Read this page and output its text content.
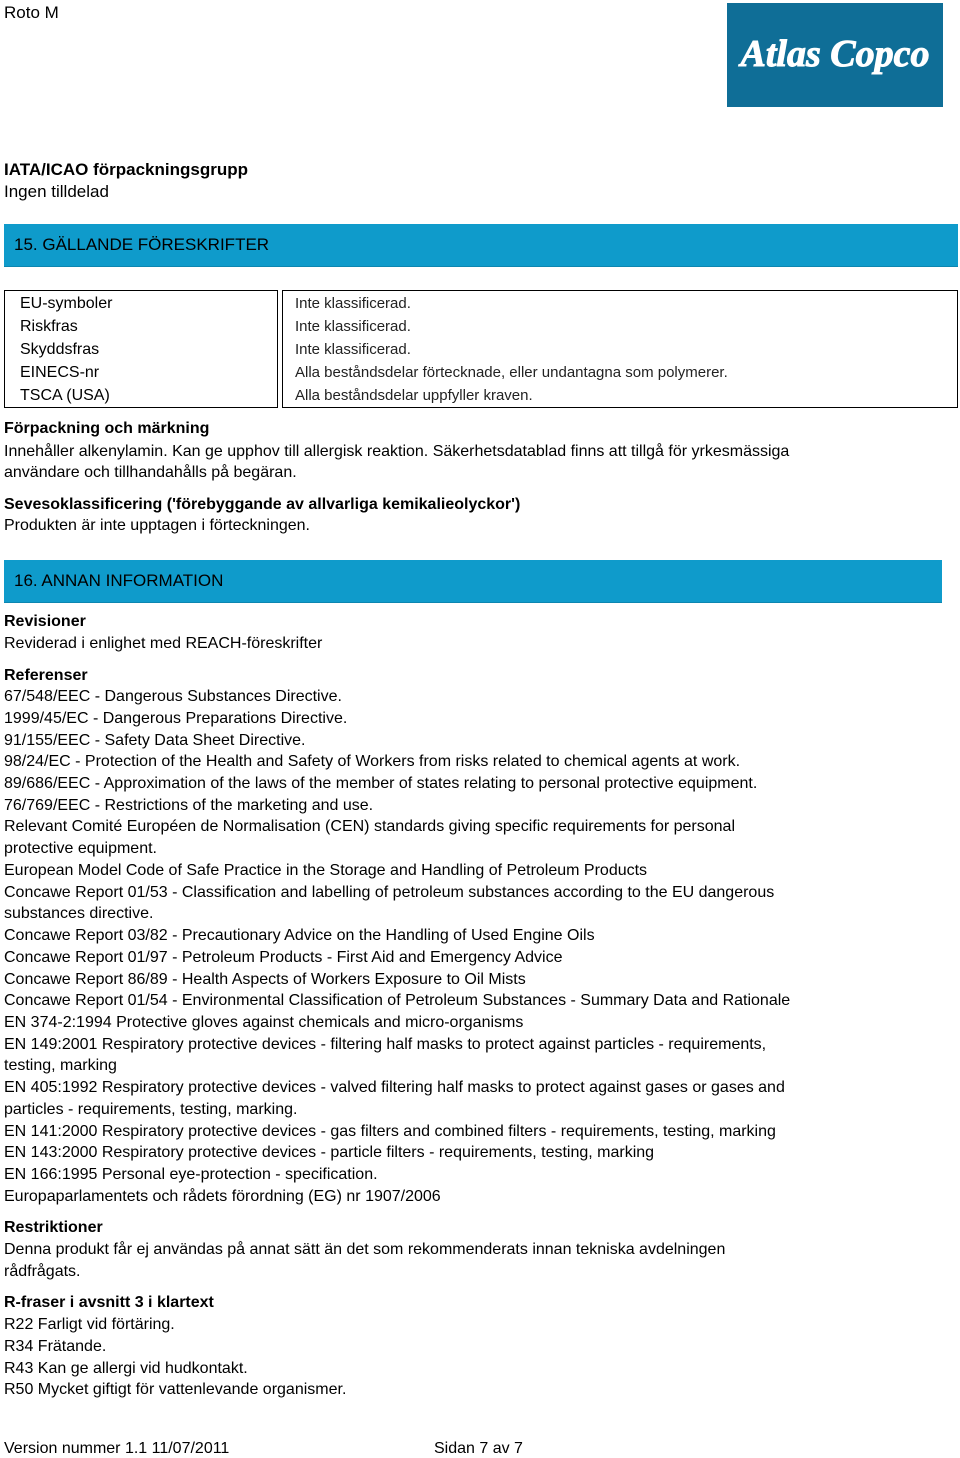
Roto M
Atlas Copco
IATA/ICAO förpackningsgrupp
Ingen tilldelad
15. GÄLLANDE FÖRESKRIFTER
EU-symboler
Riskfras
Skyddsfras
EINECS-nr
TSCA (USA)
Inte klassificerad.
Inte klassificerad.
Inte klassificerad.
Alla beståndsdelar förtecknade, eller undantagna som polymerer.
Alla beståndsdelar uppfyller kraven.
Förpackning och märkning
Innehåller alkenylamin. Kan ge upphov till allergisk reaktion. Säkerhetsdatablad finns att tillgå för yrkesmässiga
användare och tillhandahålls på begäran.
Sevesoklassificering ('förebyggande av allvarliga kemikalieolyckor')
Produkten är inte upptagen i förteckningen.
16. ANNAN INFORMATION
Revisioner
Reviderad i enlighet med REACH-föreskrifter
Referenser
67/548/EEC - Dangerous Substances Directive.
1999/45/EC - Dangerous Preparations Directive.
91/155/EEC - Safety Data Sheet Directive.
98/24/EC - Protection of the Health and Safety of Workers from risks related to chemical agents at work.
89/686/EEC - Approximation of the laws of the member of states relating to personal protective equipment.
76/769/EEC - Restrictions of the marketing and use.
Relevant Comité Européen de Normalisation (CEN) standards giving specific requirements for personal
protective equipment.
European Model Code of Safe Practice in the Storage and Handling of Petroleum Products
Concawe Report 01/53 - Classification and labelling of petroleum substances according to the EU dangerous
substances directive.
Concawe Report 03/82 - Precautionary Advice on the Handling of Used Engine Oils
Concawe Report 01/97 - Petroleum Products - First Aid and Emergency Advice
Concawe Report 86/89 - Health Aspects of Workers Exposure to Oil Mists
Concawe Report 01/54 - Environmental Classification of Petroleum Substances - Summary Data and Rationale
EN 374-2:1994 Protective gloves against chemicals and micro-organisms
EN 149:2001 Respiratory protective devices - filtering half masks to protect against particles - requirements,
testing, marking
EN 405:1992 Respiratory protective devices - valved filtering half masks to protect against gases or gases and
particles - requirements, testing, marking.
EN 141:2000 Respiratory protective devices - gas filters and combined filters - requirements, testing, marking
EN 143:2000 Respiratory protective devices - particle filters - requirements, testing, marking
EN 166:1995 Personal eye-protection - specification.
Europaparlamentets och rådets förordning (EG) nr 1907/2006
Restriktioner
Denna produkt får ej användas på annat sätt än det som rekommenderats innan tekniska avdelningen
rådfrågats.
R-fraser i avsnitt 3 i klartext
R22 Farligt vid förtäring.
R34 Frätande.
R43 Kan ge allergi vid hudkontakt.
R50 Mycket giftigt för vattenlevande organismer.
Version nummer 1.1 11/07/2011	Sidan 7 av 7
